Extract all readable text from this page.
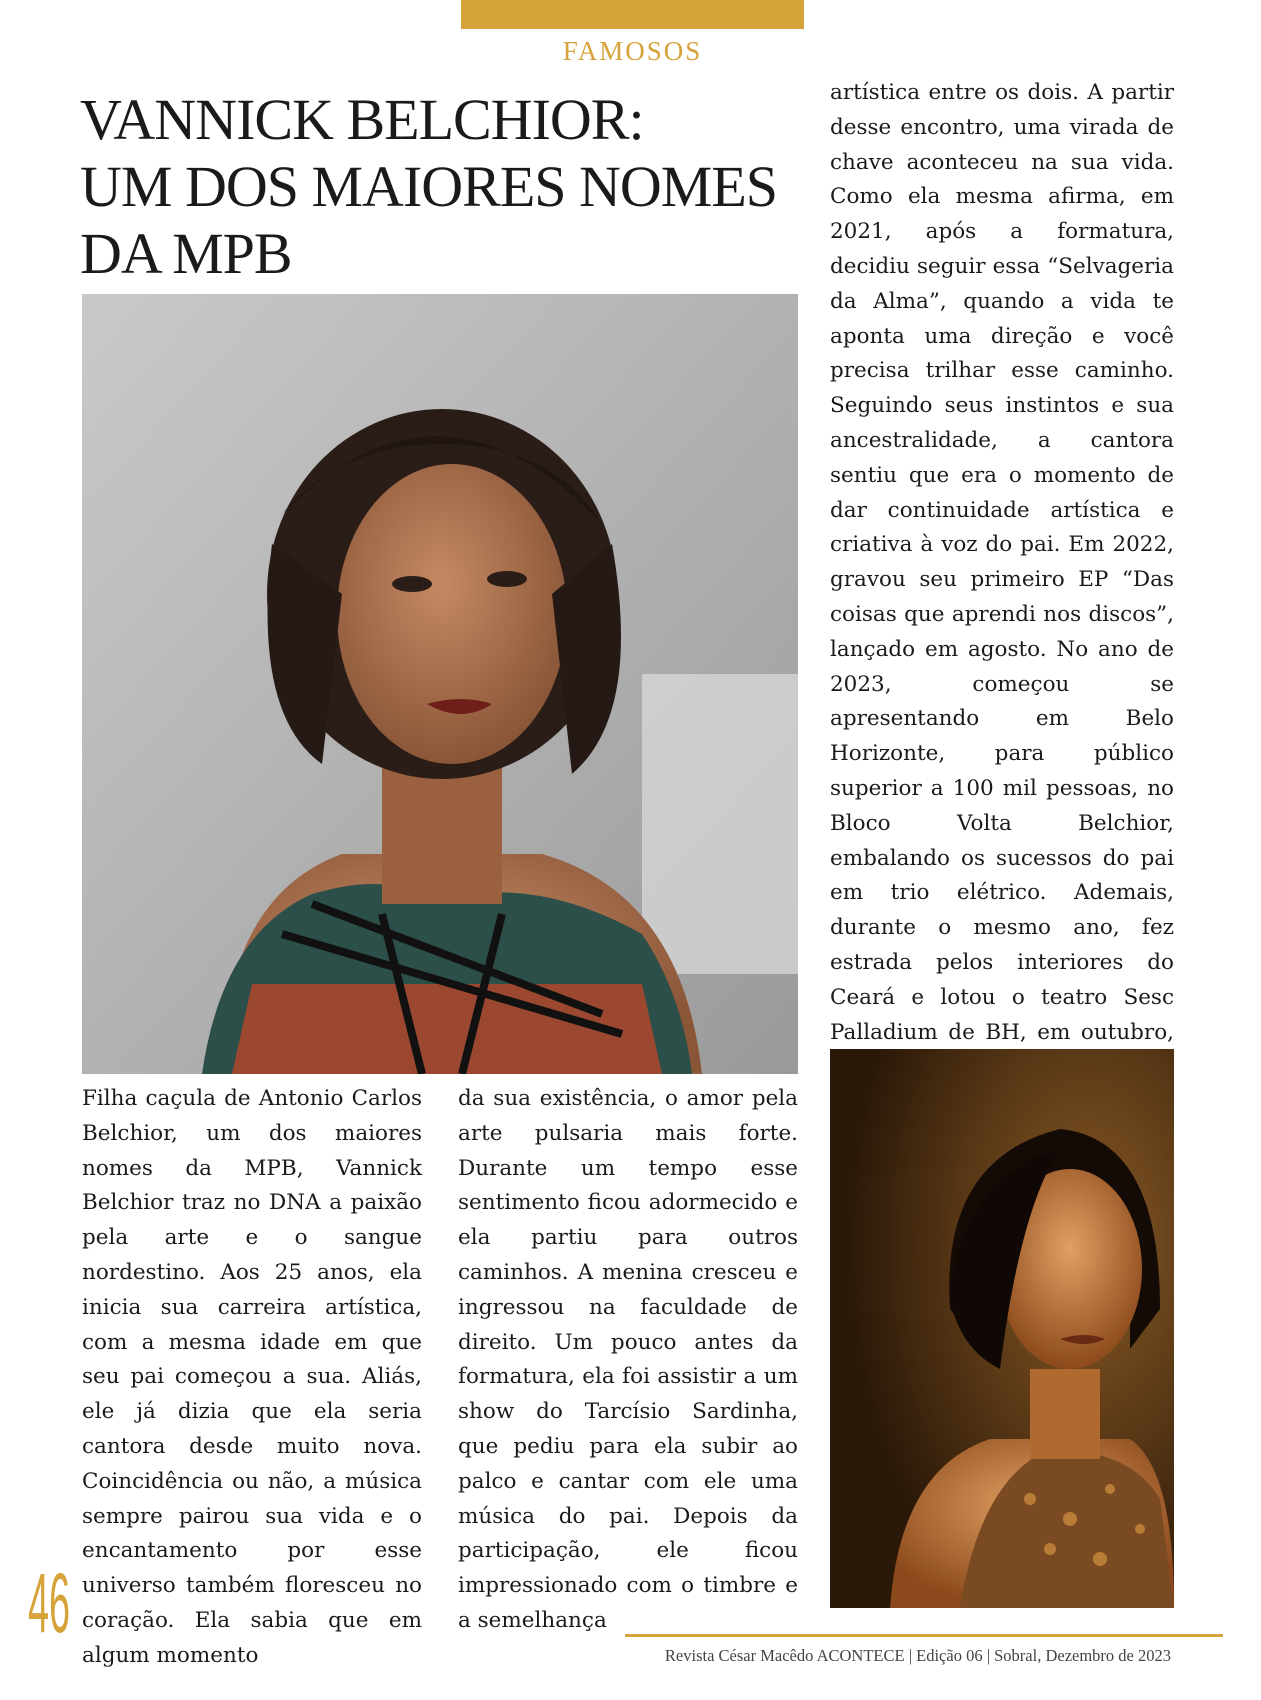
FAMOSOS
VANNICK BELCHIOR:
UM DOS MAIORES NOMES
DA MPB
artística entre os dois. A partir desse encontro, uma virada de chave aconteceu na sua vida. Como ela mesma afirma, em 2021, após a formatura, decidiu seguir essa “Selvageria da Alma”, quando a vida te aponta uma direção e você precisa trilhar esse caminho. Seguindo seus instintos e sua ancestralidade, a cantora sentiu que era o momento de dar continuidade artística e criativa à voz do pai. Em 2022, gravou seu primeiro EP “Das coisas que aprendi nos discos”, lançado em agosto. No ano de 2023, começou se apresentando em Belo Horizonte, para público superior a 100 mil pessoas, no Bloco Volta Belchior, embalando os sucessos do pai em trio elétrico. Ademais, durante o mesmo ano, fez estrada pelos interiores do Ceará e lotou o teatro Sesc Palladium de BH, em outubro,
Filha caçula de Antonio Carlos Belchior, um dos maiores nomes da MPB, Vannick Belchior traz no DNA a paixão pela arte e o sangue nordestino. Aos 25 anos, ela inicia sua carreira artística, com a mesma idade em que seu pai começou a sua. Aliás, ele já dizia que ela seria cantora desde muito nova. Coincidência ou não, a música sempre pairou sua vida e o encantamento por esse universo também floresceu no coração. Ela sabia que em algum momento
da sua existência, o amor pela arte pulsaria mais forte. Durante um tempo esse sentimento ficou adormecido e ela partiu para outros caminhos. A menina cresceu e ingressou na faculdade de direito. Um pouco antes da formatura, ela foi assistir a um show do Tarcísio Sardinha, que pediu para ela subir ao palco e cantar com ele uma música do pai. Depois da participação, ele ficou impressionado com o timbre e a semelhança
46
Revista César Macêdo ACONTECE | Edição 06 | Sobral, Dezembro de 2023
